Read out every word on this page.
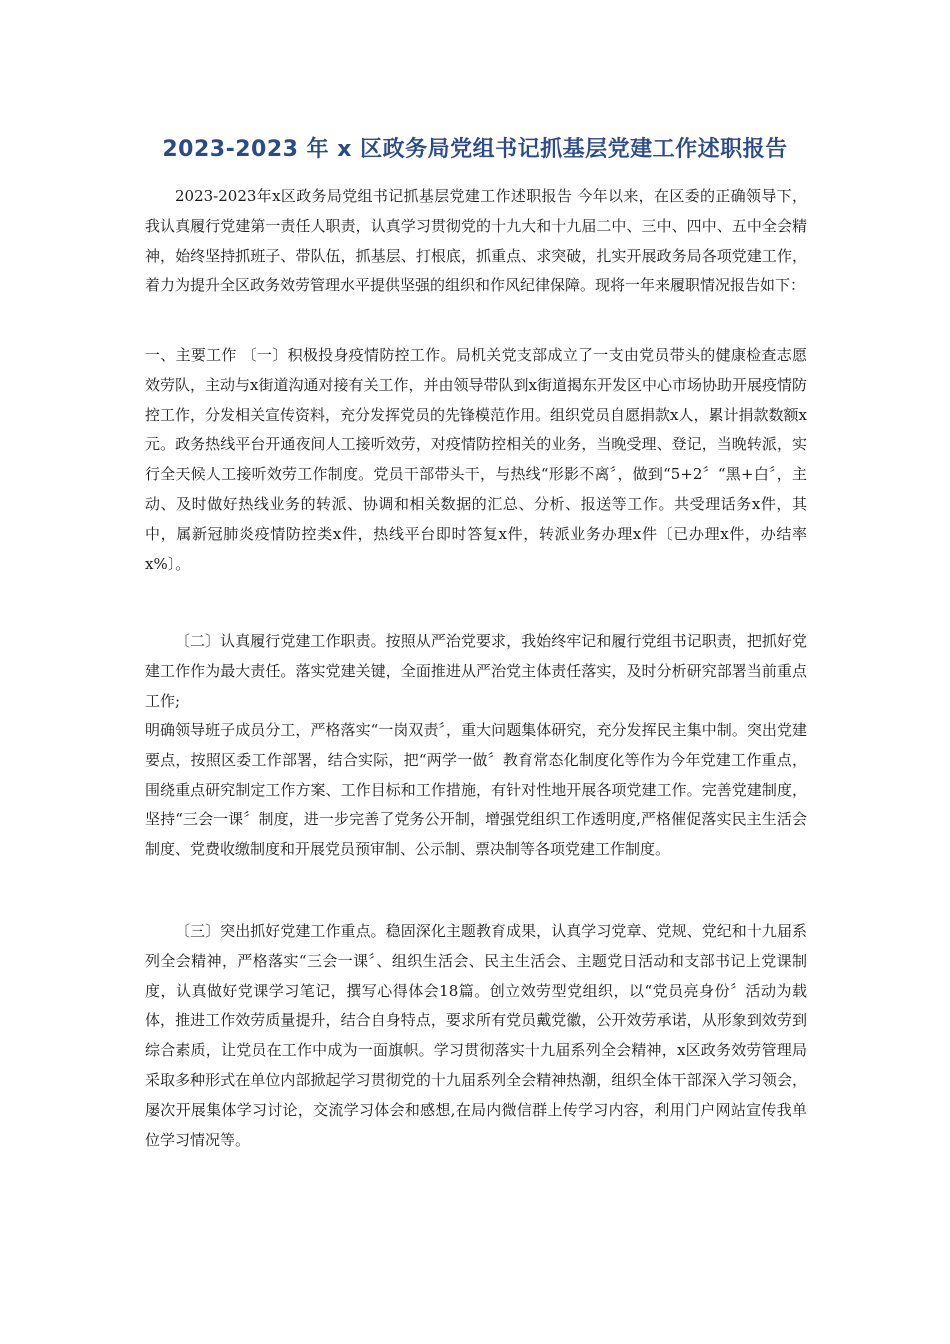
2023-2023 年 x 区政务局党组书记抓基层党建工作述职报告

2023-2023年x区政务局党组书记抓基层党建工作述职报告 今年以来，在区委的正确领导下，我认真履行党建第一责任人职责，认真学习贯彻党的十九大和十九届二中、三中、四中、五中全会精神，始终坚持抓班子、带队伍，抓基层、打根底，抓重点、求突破，扎实开展政务局各项党建工作，着力为提升全区政务效劳管理水平提供坚强的组织和作风纪律保障。现将一年来履职情况报告如下：

一、主要工作 〔一〕积极投身疫情防控工作。局机关党支部成立了一支由党员带头的健康检查志愿效劳队，主动与x街道沟通对接有关工作，并由领导带队到x街道揭东开发区中心市场协助开展疫情防控工作，分发相关宣传资料，充分发挥党员的先锋模范作用。组织党员自愿捐款x人，累计捐款数额x元。政务热线平台开通夜间人工接听效劳，对疫情防控相关的业务，当晚受理、登记，当晚转派，实行全天候人工接听效劳工作制度。党员干部带头干，与热线“形影不离〞，做到“5+2〞“黑+白〞，主动、及时做好热线业务的转派、协调和相关数据的汇总、分析、报送等工作。共受理话务x件，其中，属新冠肺炎疫情防控类x件，热线平台即时答复x件，转派业务办理x件〔已办理x件，办结率x%〕。

〔二〕认真履行党建工作职责。按照从严治党要求，我始终牢记和履行党组书记职责，把抓好党建工作作为最大责任。落实党建关键，全面推进从严治党主体责任落实，及时分析研究部署当前重点工作;

明确领导班子成员分工，严格落实“一岗双责〞，重大问题集体研究，充分发挥民主集中制。突出党建要点，按照区委工作部署，结合实际，把“两学一做〞教育常态化制度化等作为今年党建工作重点，围绕重点研究制定工作方案、工作目标和工作措施，有针对性地开展各项党建工作。完善党建制度，坚持“三会一课〞制度，进一步完善了党务公开制，增强党组织工作透明度,严格催促落实民主生活会制度、党费收缴制度和开展党员预审制、公示制、票决制等各项党建工作制度。

〔三〕突出抓好党建工作重点。稳固深化主题教育成果，认真学习党章、党规、党纪和十九届系列全会精神，严格落实“三会一课〞、组织生活会、民主生活会、主题党日活动和支部书记上党课制度，认真做好党课学习笔记，撰写心得体会18篇。创立效劳型党组织，以“党员亮身份〞活动为载体，推进工作效劳质量提升，结合自身特点，要求所有党员戴党徽，公开效劳承诺，从形象到效劳到综合素质，让党员在工作中成为一面旗帜。学习贯彻落实十九届系列全会精神，x区政务效劳管理局采取多种形式在单位内部掀起学习贯彻党的十九届系列全会精神热潮，组织全体干部深入学习领会，屡次开展集体学习讨论，交流学习体会和感想,在局内微信群上传学习内容，利用门户网站宣传我单位学习情况等。
